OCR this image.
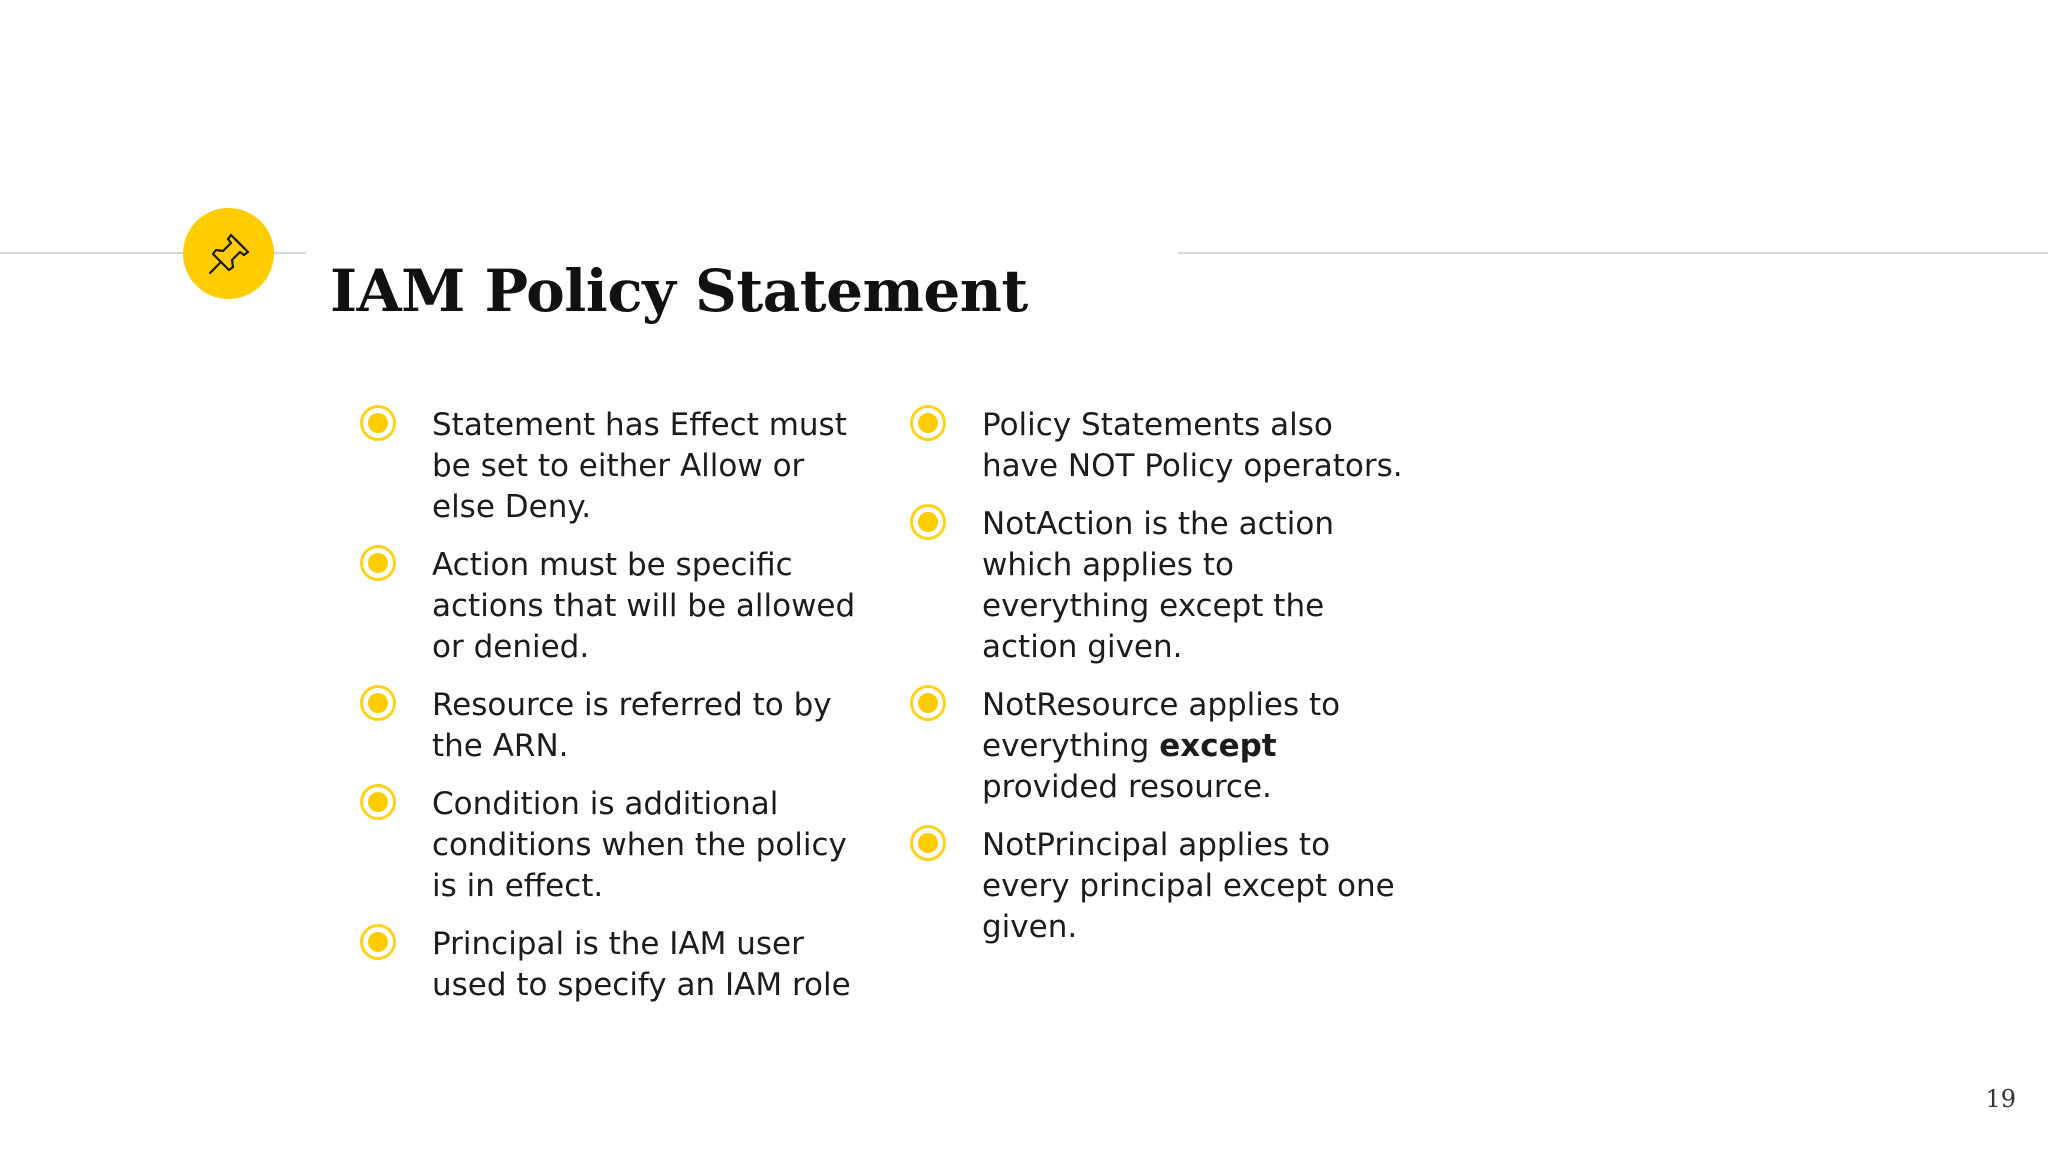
IAM Policy Statement
Statement has Effect must be set to either Allow or else Deny.
Action must be specific actions that will be allowed or denied.
Resource is referred to by the ARN.
Condition is additional conditions when the policy is in effect.
Principal is the IAM user used to specify an IAM role
Policy Statements also have NOT Policy operators.
NotAction is the action which applies to everything except the action given.
NotResource applies to everything except provided resource.
NotPrincipal applies to every principal except one given.
19
